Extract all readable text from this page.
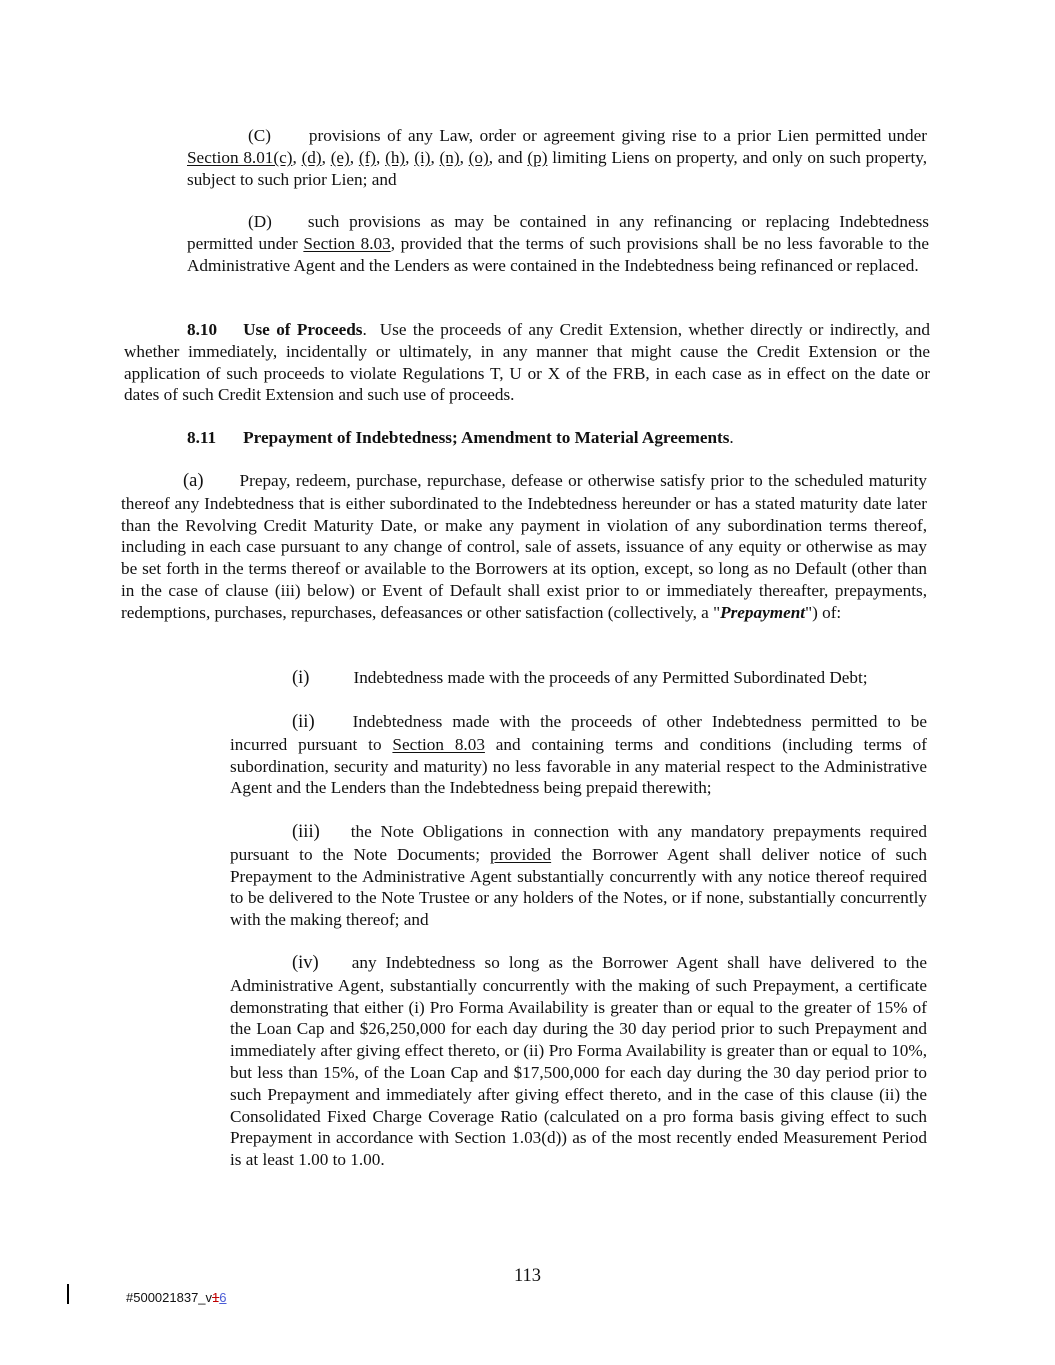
(C) provisions of any Law, order or agreement giving rise to a prior Lien permitted under Section 8.01(c), (d), (e), (f), (h), (i), (n), (o), and (p) limiting Liens on property, and only on such property, subject to such prior Lien; and
(D) such provisions as may be contained in any refinancing or replacing Indebtedness permitted under Section 8.03, provided that the terms of such provisions shall be no less favorable to the Administrative Agent and the Lenders as were contained in the Indebtedness being refinanced or replaced.
8.10 Use of Proceeds. Use the proceeds of any Credit Extension, whether directly or indirectly, and whether immediately, incidentally or ultimately, in any manner that might cause the Credit Extension or the application of such proceeds to violate Regulations T, U or X of the FRB, in each case as in effect on the date or dates of such Credit Extension and such use of proceeds.
8.11 Prepayment of Indebtedness; Amendment to Material Agreements.
(a) Prepay, redeem, purchase, repurchase, defease or otherwise satisfy prior to the scheduled maturity thereof any Indebtedness that is either subordinated to the Indebtedness hereunder or has a stated maturity date later than the Revolving Credit Maturity Date, or make any payment in violation of any subordination terms thereof, including in each case pursuant to any change of control, sale of assets, issuance of any equity or otherwise as may be set forth in the terms thereof or available to the Borrowers at its option, except, so long as no Default (other than in the case of clause (iii) below) or Event of Default shall exist prior to or immediately thereafter, prepayments, redemptions, purchases, repurchases, defeasances or other satisfaction (collectively, a "Prepayment") of:
(i)	Indebtedness made with the proceeds of any Permitted Subordinated Debt;
(ii) Indebtedness made with the proceeds of other Indebtedness permitted to be incurred pursuant to Section 8.03 and containing terms and conditions (including terms of subordination, security and maturity) no less favorable in any material respect to the Administrative Agent and the Lenders than the Indebtedness being prepaid therewith;
(iii) the Note Obligations in connection with any mandatory prepayments required pursuant to the Note Documents; provided the Borrower Agent shall deliver notice of such Prepayment to the Administrative Agent substantially concurrently with any notice thereof required to be delivered to the Note Trustee or any holders of the Notes, or if none, substantially concurrently with the making thereof; and
(iv) any Indebtedness so long as the Borrower Agent shall have delivered to the Administrative Agent, substantially concurrently with the making of such Prepayment, a certificate demonstrating that either (i) Pro Forma Availability is greater than or equal to the greater of 15% of the Loan Cap and $26,250,000 for each day during the 30 day period prior to such Prepayment and immediately after giving effect thereto, or (ii) Pro Forma Availability is greater than or equal to 10%, but less than 15%, of the Loan Cap and $17,500,000 for each day during the 30 day period prior to such Prepayment and immediately after giving effect thereto, and in the case of this clause (ii) the Consolidated Fixed Charge Coverage Ratio (calculated on a pro forma basis giving effect to such Prepayment in accordance with Section 1.03(d)) as of the most recently ended Measurement Period is at least 1.00 to 1.00.
113
#500021837_v16
